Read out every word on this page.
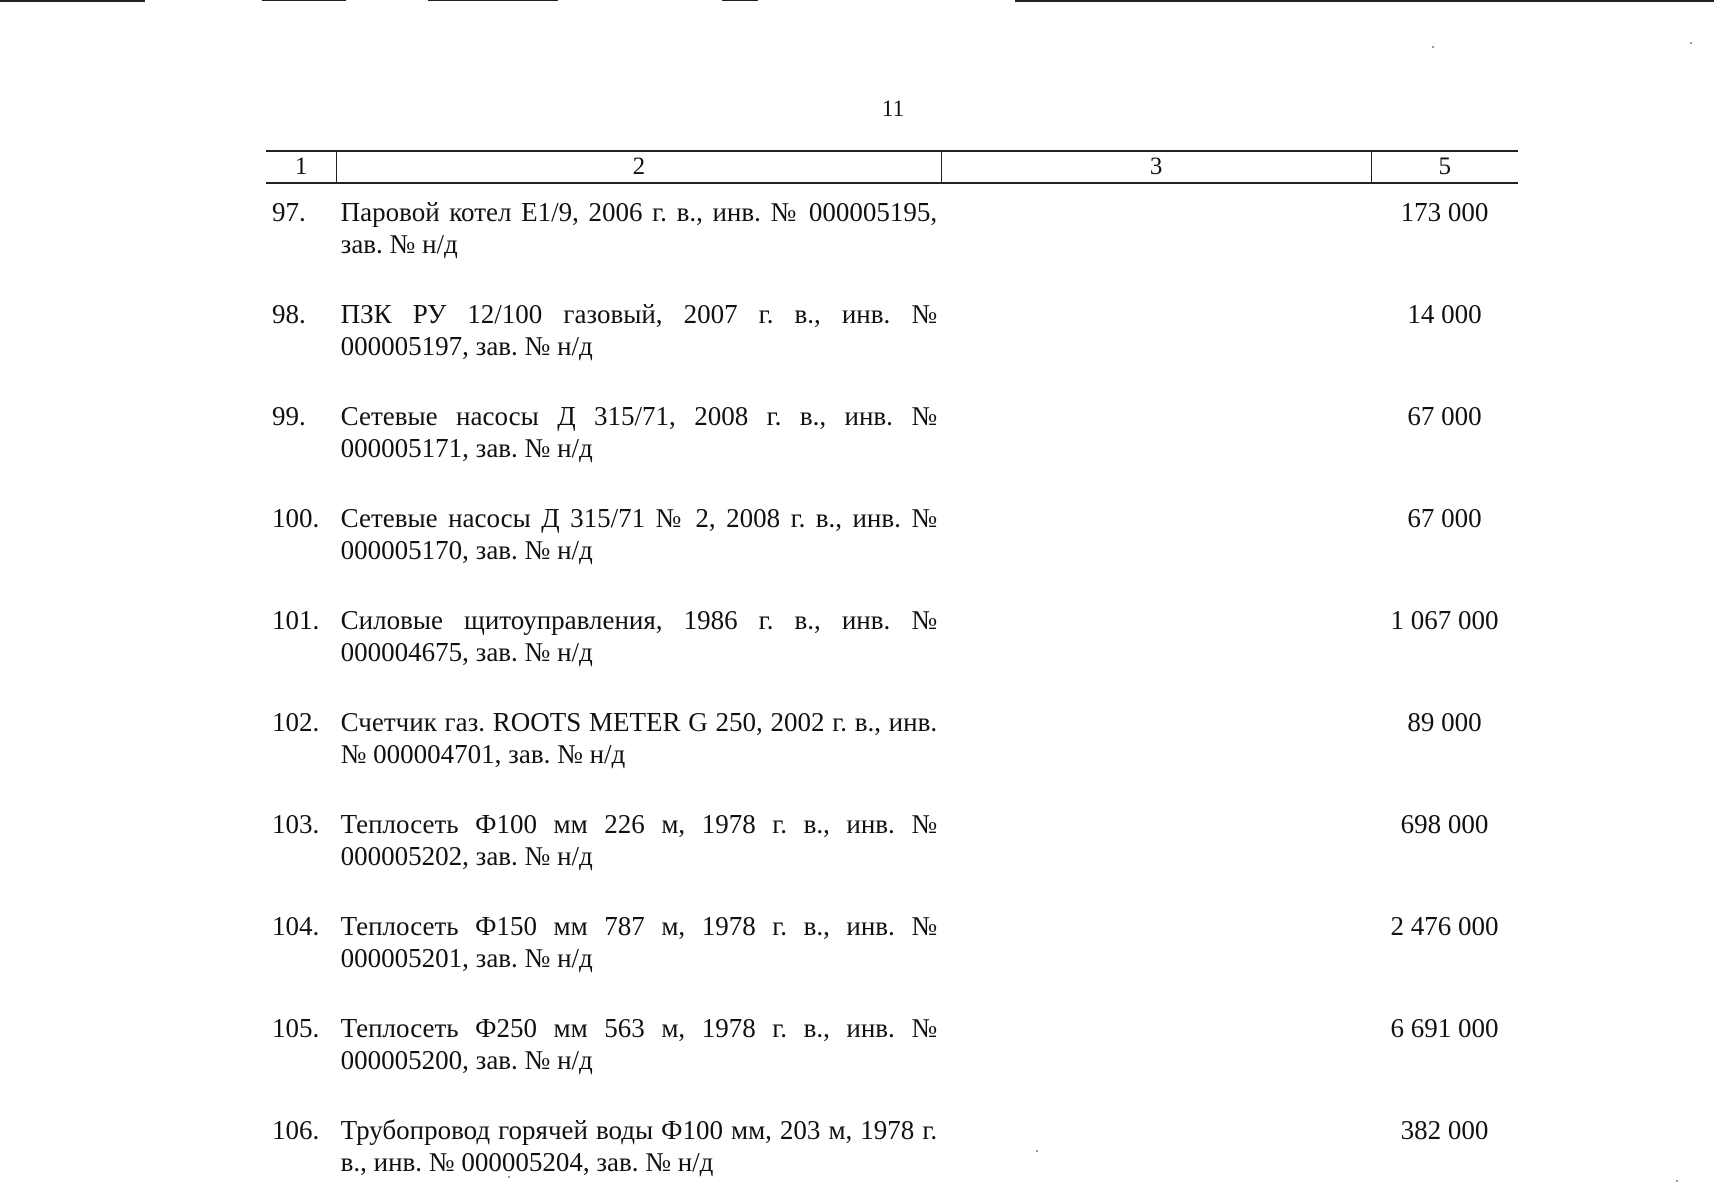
11
1	2	3	5
97.	Паровой котел Е1/9, 2006 г. в., инв. № 000005195, зав. № н/д		173 000
98.	ПЗК РУ 12/100 газовый, 2007 г. в., инв. № 000005197, зав. № н/д		14 000
99.	Сетевые насосы Д 315/71, 2008 г. в., инв. № 000005171, зав. № н/д		67 000
100.	Сетевые насосы Д 315/71 № 2, 2008 г. в., инв. № 000005170, зав. № н/д		67 000
101.	Силовые щитоуправления, 1986 г. в., инв. № 000004675, зав. № н/д		1 067 000
102.	Счетчик газ. ROOTS METER G 250, 2002 г. в., инв. № 000004701, зав. № н/д		89 000
103.	Теплосеть Ф100 мм 226 м, 1978 г. в., инв. № 000005202, зав. № н/д		698 000
104.	Теплосеть Ф150 мм 787 м, 1978 г. в., инв. № 000005201, зав. № н/д		2 476 000
105.	Теплосеть Ф250 мм 563 м, 1978 г. в., инв. № 000005200, зав. № н/д		6 691 000
106.	Трубопровод горячей воды Ф100 мм, 203 м, 1978 г. в., инв. № 000005204, зав. № н/д		382 000
